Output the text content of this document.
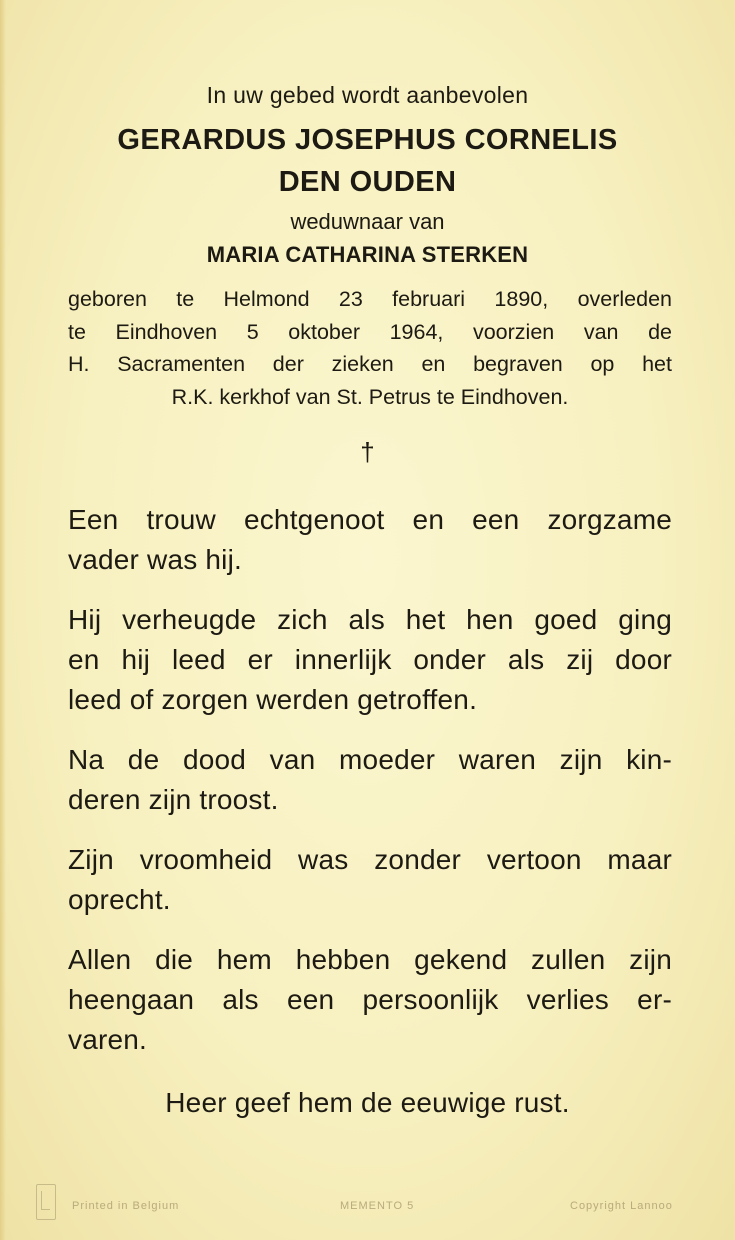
In uw gebed wordt aanbevolen
GERARDUS JOSEPHUS CORNELIS
DEN OUDEN
weduwnaar van
MARIA CATHARINA STERKEN
geboren te Helmond 23 februari 1890, overleden
te Eindhoven 5 oktober 1964, voorzien van de
H. Sacramenten der zieken en begraven op het
R.K. kerkhof van St. Petrus te Eindhoven.
†
Een trouw echtgenoot en een zorgzame
vader was hij.
Hij verheugde zich als het hen goed ging
en hij leed er innerlijk onder als zij door
leed of zorgen werden getroffen.
Na de dood van moeder waren zijn kin-
deren zijn troost.
Zijn vroomheid was zonder vertoon maar
oprecht.
Allen die hem hebben gekend zullen zijn
heengaan als een persoonlijk verlies er-
varen.
Heer geef hem de eeuwige rust.
Printed in Belgium	MEMENTO 5	Copyright Lannoo
